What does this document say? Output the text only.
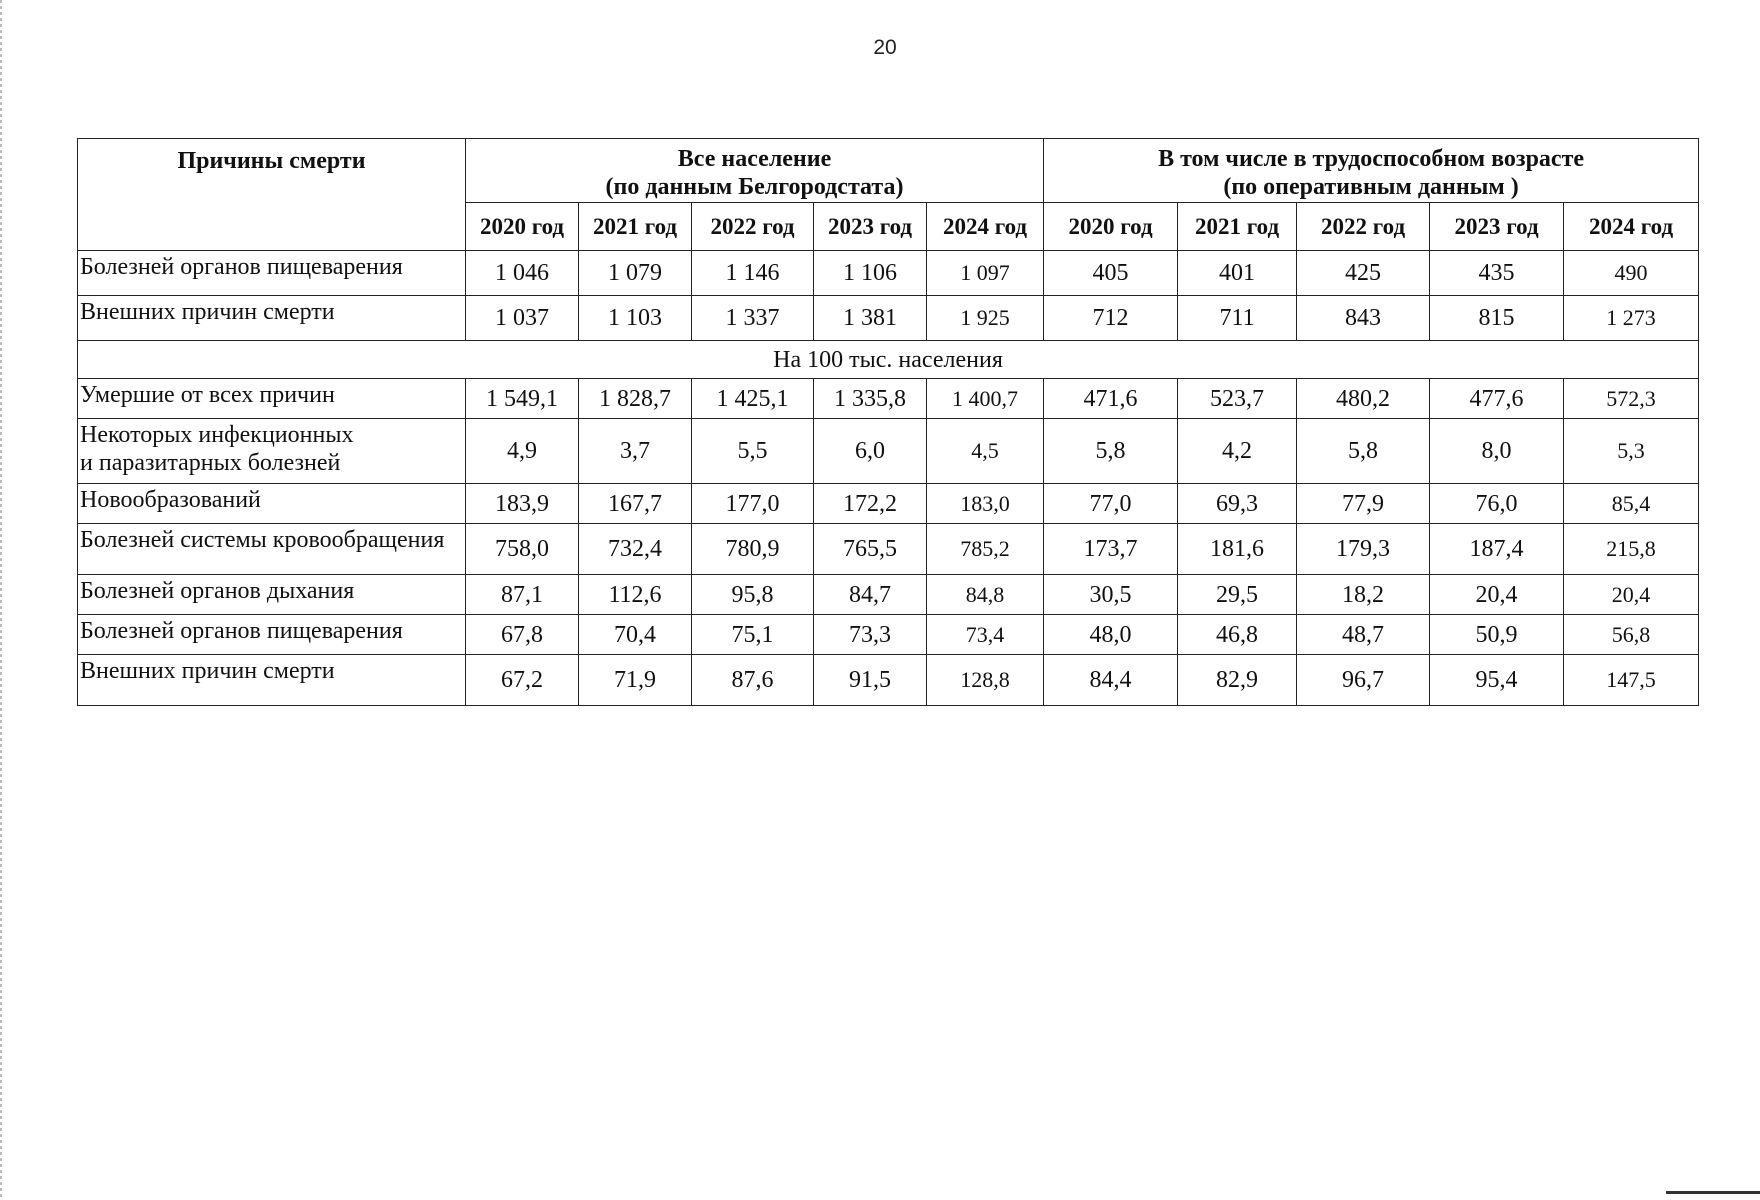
20
Причины смерти	Все население
(по данным Белгородстата)					В том числе в трудоспособном возрасте
(по оперативным данным )				

	2020 год	2021 год	2022 год	2023 год	2024 год	2020 год	2021 год	2022 год	2023 год	2024 год

Болезней органов пищеварения	1 046	1 079	1 146	1 106	1 097	405	401	425	435	490

Внешних причин смерти	1 037	1 103	1 337	1 381	1 925	712	711	843	815	1 273
На 100 тыс. населения										

Умершие от всех причин	1 549,1	1 828,7	1 425,1	1 335,8	1 400,7	471,6	523,7	480,2	477,6	572,3

Некоторых инфекционных
и паразитарных болезней	4,9	3,7	5,5	6,0	4,5	5,8	4,2	5,8	8,0	5,3

Новообразований	183,9	167,7	177,0	172,2	183,0	77,0	69,3	77,9	76,0	85,4

Болезней системы кровообращения	758,0	732,4	780,9	765,5	785,2	173,7	181,6	179,3	187,4	215,8

Болезней органов дыхания	87,1	112,6	95,8	84,7	84,8	30,5	29,5	18,2	20,4	20,4

Болезней органов пищеварения	67,8	70,4	75,1	73,3	73,4	48,0	46,8	48,7	50,9	56,8

Внешних причин смерти	67,2	71,9	87,6	91,5	128,8	84,4	82,9	96,7	95,4	147,5
